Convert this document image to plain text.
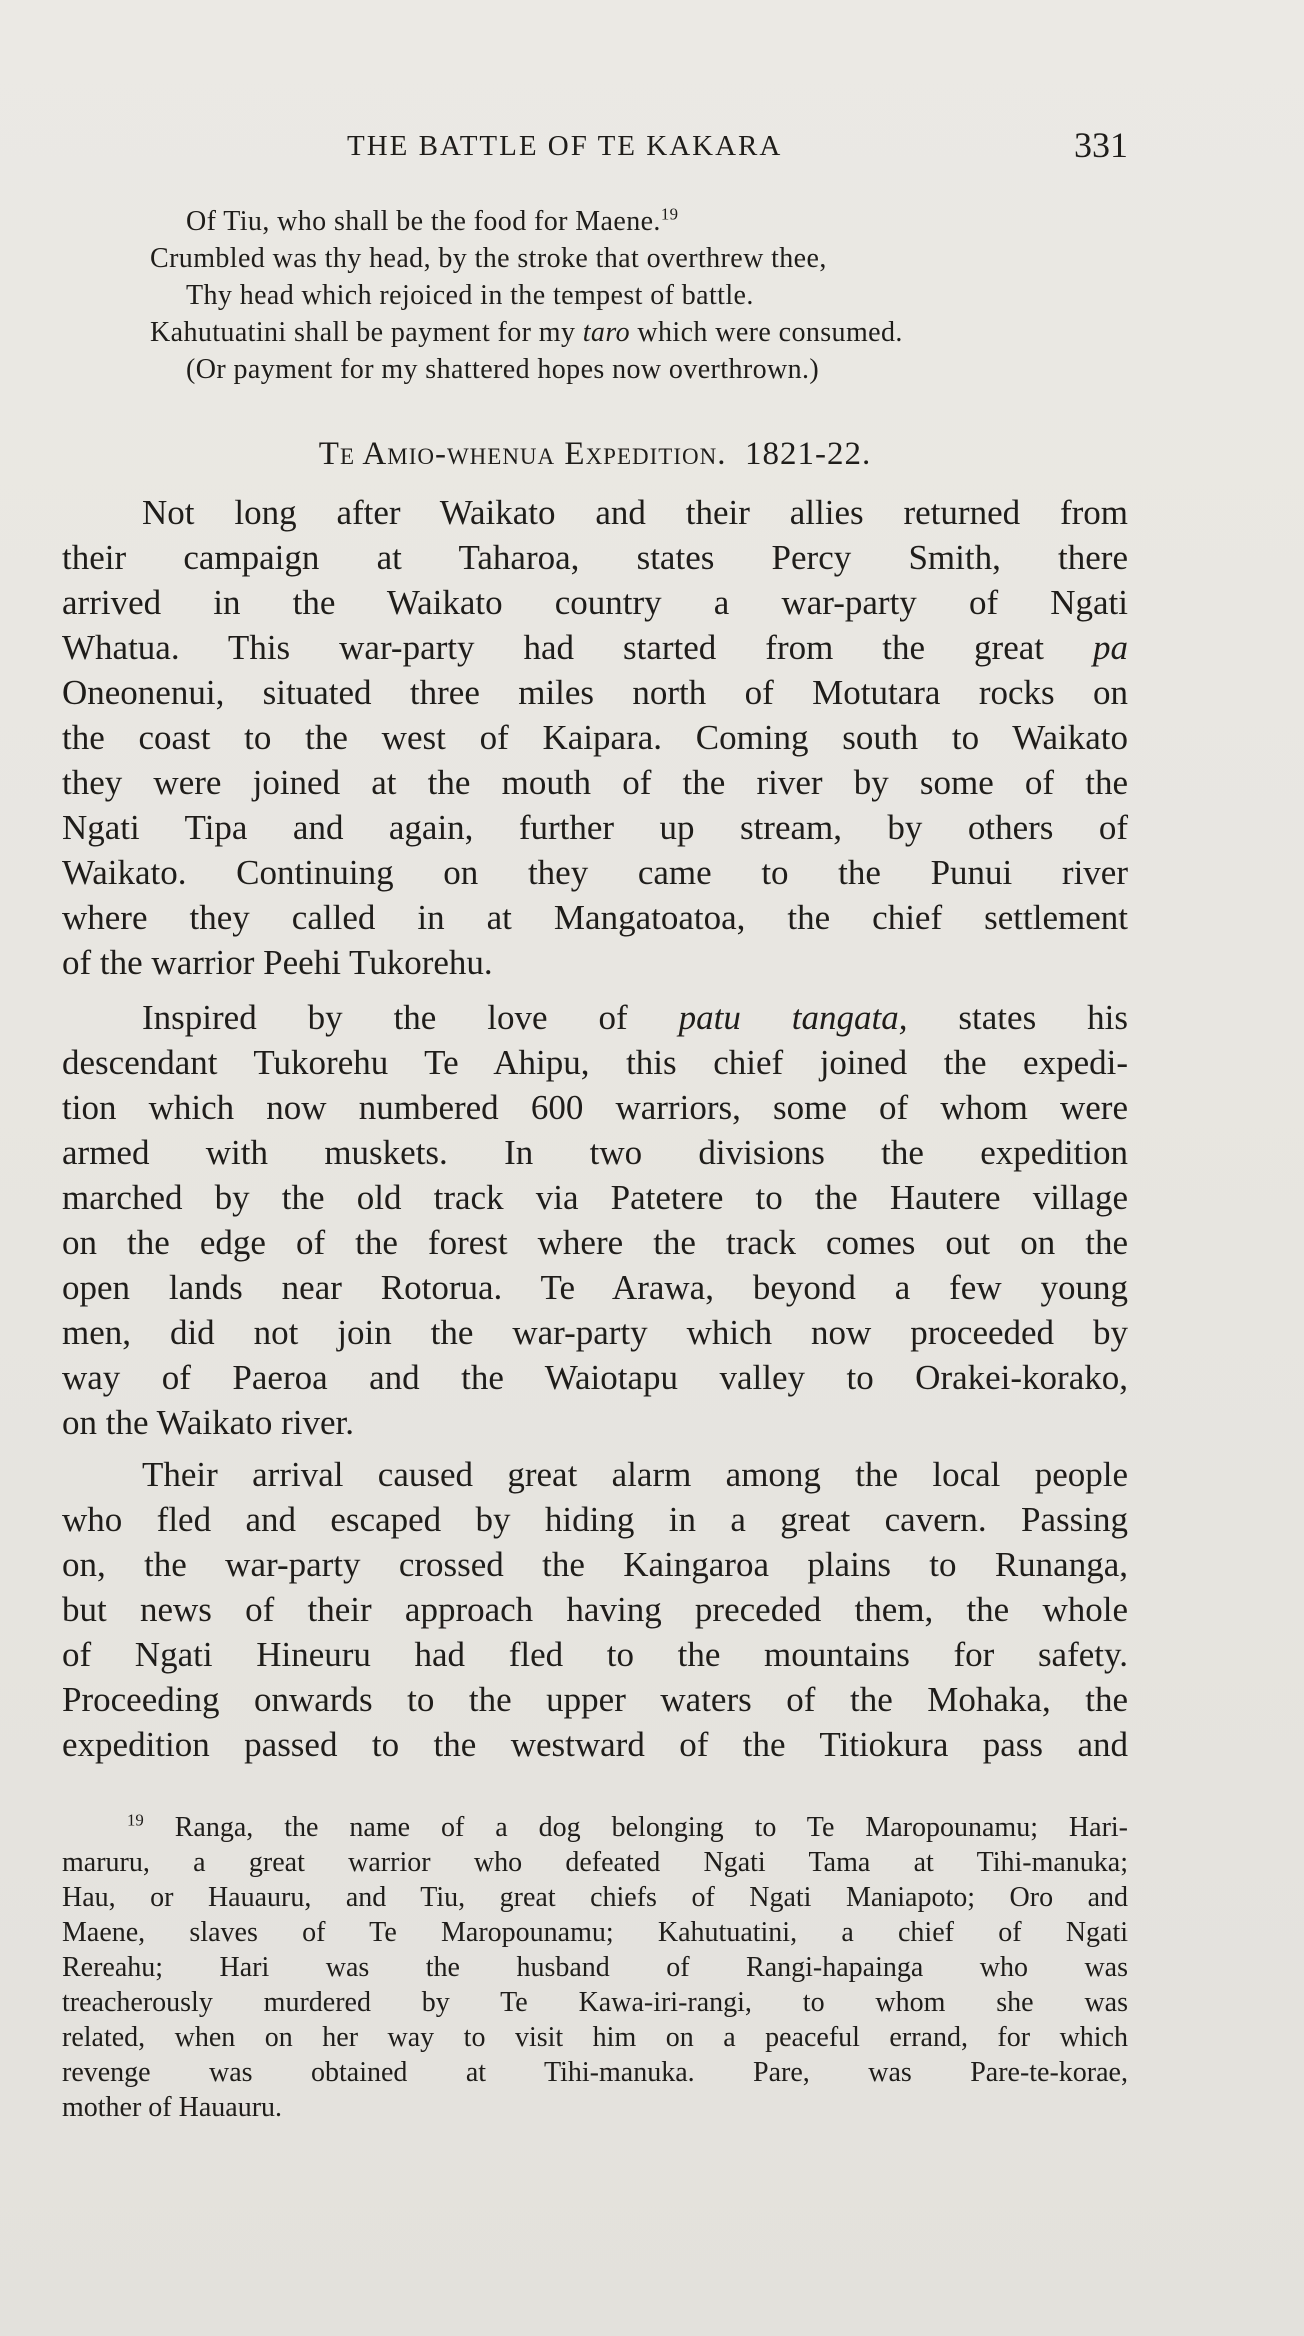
THE BATTLE OF TE KAKARA	331
Of Tiu, who shall be the food for Maene.$^{19}$
Crumbled was thy head, by the stroke that overthrew thee,
Thy head which rejoiced in the tempest of battle.
Kahutuatini shall be payment for my taro which were consumed.
(Or payment for my shattered hopes now overthrown.)
Te Amio-whenua Expedition. 1821-22.
Not long after Waikato and their allies returned from
their campaign at Taharoa, states Percy Smith, there
arrived in the Waikato country a war-party of Ngati
Whatua. This war-party had started from the great pa
Oneonenui, situated three miles north of Motutara rocks on
the coast to the west of Kaipara. Coming south to Waikato
they were joined at the mouth of the river by some of the
Ngati Tipa and again, further up stream, by others of
Waikato. Continuing on they came to the Punui river
where they called in at Mangatoatoa, the chief settlement
of the warrior Peehi Tukorehu.
Inspired by the love of patu tangata, states his
descendant Tukorehu Te Ahipu, this chief joined the expedi-
tion which now numbered 600 warriors, some of whom were
armed with muskets. In two divisions the expedition
marched by the old track via Patetere to the Hautere village
on the edge of the forest where the track comes out on the
open lands near Rotorua. Te Arawa, beyond a few young
men, did not join the war-party which now proceeded by
way of Paeroa and the Waiotapu valley to Orakei-korako,
on the Waikato river.
Their arrival caused great alarm among the local people
who fled and escaped by hiding in a great cavern. Passing
on, the war-party crossed the Kaingaroa plains to Runanga,
but news of their approach having preceded them, the whole
of Ngati Hineuru had fled to the mountains for safety.
Proceeding onwards to the upper waters of the Mohaka, the
expedition passed to the westward of the Titiokura pass and
$^{19}$ Ranga, the name of a dog belonging to Te Maropounamu; Hari-
maruru, a great warrior who defeated Ngati Tama at Tihi-manuka;
Hau, or Hauauru, and Tiu, great chiefs of Ngati Maniapoto; Oro and
Maene, slaves of Te Maropounamu; Kahutuatini, a chief of Ngati
Rereahu; Hari was the husband of Rangi-hapainga who was
treacherously murdered by Te Kawa-iri-rangi, to whom she was
related, when on her way to visit him on a peaceful errand, for which
revenge was obtained at Tihi-manuka. Pare, was Pare-te-korae,
mother of Hauauru.
